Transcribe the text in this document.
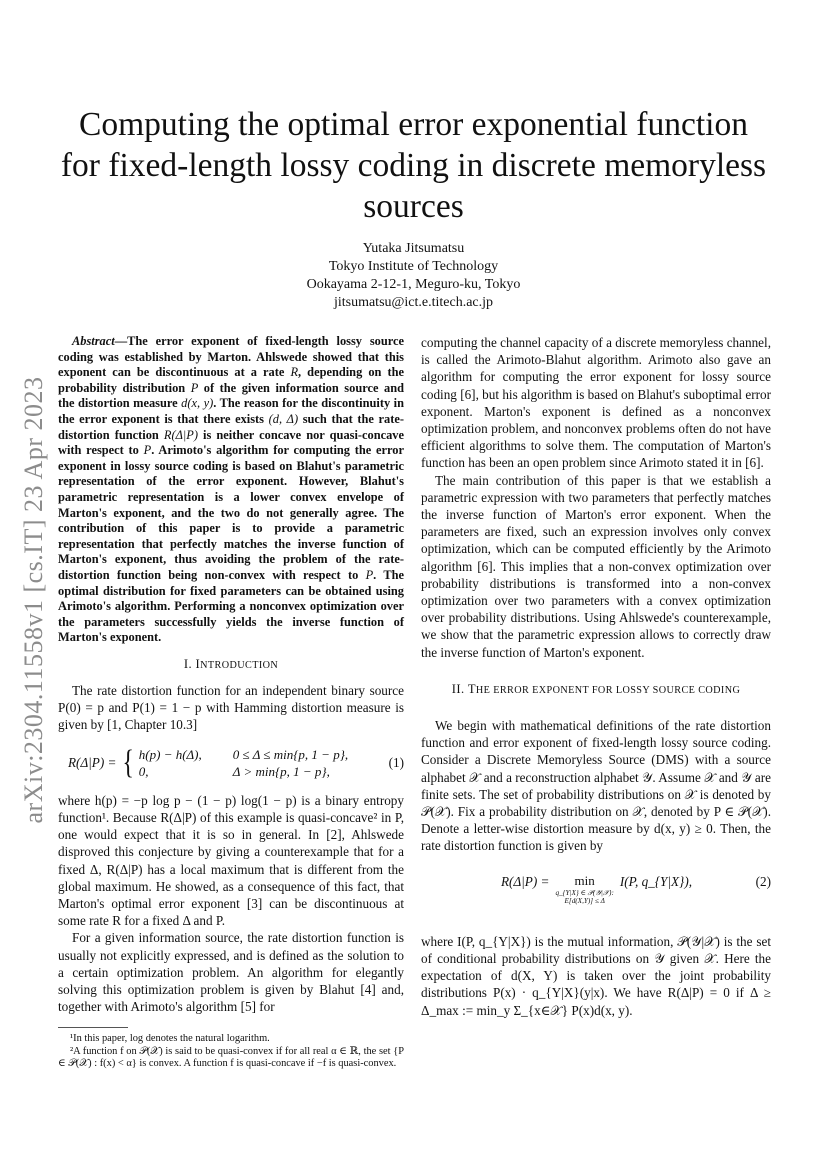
arXiv:2304.11558v1 [cs.IT] 23 Apr 2023
Computing the optimal error exponential function for fixed-length lossy coding in discrete memoryless sources
Yutaka Jitsumatsu
Tokyo Institute of Technology
Ookayama 2-12-1, Meguro-ku, Tokyo
jitsumatsu@ict.e.titech.ac.jp
Abstract—The error exponent of fixed-length lossy source coding was established by Marton. Ahlswede showed that this exponent can be discontinuous at a rate R, depending on the probability distribution P of the given information source and the distortion measure d(x, y). The reason for the discontinuity in the error exponent is that there exists (d, Δ) such that the rate-distortion function R(Δ|P) is neither concave nor quasi-concave with respect to P. Arimoto's algorithm for computing the error exponent in lossy source coding is based on Blahut's parametric representation of the error exponent. However, Blahut's parametric representation is a lower convex envelope of Marton's exponent, and the two do not generally agree. The contribution of this paper is to provide a parametric representation that perfectly matches the inverse function of Marton's exponent, thus avoiding the problem of the rate-distortion function being non-convex with respect to P. The optimal distribution for fixed parameters can be obtained using Arimoto's algorithm. Performing a nonconvex optimization over the parameters successfully yields the inverse function of Marton's exponent.
I. INTRODUCTION

The rate distortion function for an independent binary source P(0) = p and P(1) = 1 − p with Hamming distortion measure is given by [1, Chapter 10.3]

R(Δ|P) = { h(p) − h(Δ),	0 ≤ Δ ≤ min{p, 1 − p},
0,	Δ > min{p, 1 − p},
(1)

where h(p) = −p log p − (1 − p) log(1 − p) is a binary entropy function¹. Because R(Δ|P) of this example is quasi-concave² in P, one would expect that it is so in general. In [2], Ahlswede disproved this conjecture by giving a counterexample that for a fixed Δ, R(Δ|P) has a local maximum that is different from the global maximum. He showed, as a consequence of this fact, that Marton's optimal error exponent [3] can be discontinuous at some rate R for a fixed Δ and P.

For a given information source, the rate distortion function is usually not explicitly expressed, and is defined as the solution to a certain optimization problem. An algorithm for elegantly solving this optimization problem is given by Blahut [4] and, together with Arimoto's algorithm [5] for

¹In this paper, log denotes the natural logarithm.
²A function f on 𝒫(𝒳) is said to be quasi-convex if for all real α ∈ ℝ, the set {P ∈ 𝒫(𝒳) : f(x) < α} is convex. A function f is quasi-concave if −f is quasi-convex.

computing the channel capacity of a discrete memoryless channel, is called the Arimoto-Blahut algorithm. Arimoto also gave an algorithm for computing the error exponent for lossy source coding [6], but his algorithm is based on Blahut's suboptimal error exponent. Marton's exponent is defined as a nonconvex optimization problem, and nonconvex problems often do not have efficient algorithms to solve them. The computation of Marton's function has been an open problem since Arimoto stated it in [6].

The main contribution of this paper is that we establish a parametric expression with two parameters that perfectly matches the inverse function of Marton's error exponent. When the parameters are fixed, such an expression involves only convex optimization, which can be computed efficiently by the Arimoto algorithm [6]. This implies that a non-convex optimization over probability distributions is transformed into a non-convex optimization over two parameters with a convex optimization over probability distributions. Using Ahlswede's counterexample, we show that the parametric expression allows to correctly draw the inverse function of Marton's exponent.

II. THE ERROR EXPONENT FOR LOSSY SOURCE CODING

We begin with mathematical definitions of the rate distortion function and error exponent of fixed-length lossy source coding. Consider a Discrete Memoryless Source (DMS) with a source alphabet 𝒳 and a reconstruction alphabet 𝒴. Assume 𝒳 and 𝒴 are finite sets. The set of probability distributions on 𝒳 is denoted by 𝒫(𝒳). Fix a probability distribution on 𝒳, denoted by P ∈ 𝒫(𝒳). Denote a letter-wise distortion measure by d(x, y) ≥ 0. Then, the rate distortion function is given by

R(Δ|P) = min
q_{Y|X} ∈ 𝒫(𝒴|𝒳):
E[d(X,Y)] ≤ Δ
I(P, q_{Y|X}),	(2)

where I(P, q_{Y|X}) is the mutual information, 𝒫(𝒴|𝒳) is the set of conditional probability distributions on 𝒴 given 𝒳. Here the expectation of d(X, Y) is taken over the joint probability distributions P(x) · q_{Y|X}(y|x). We have R(Δ|P) = 0 if Δ ≥ Δ_max := min_y Σ_{x∈𝒳} P(x)d(x, y).
